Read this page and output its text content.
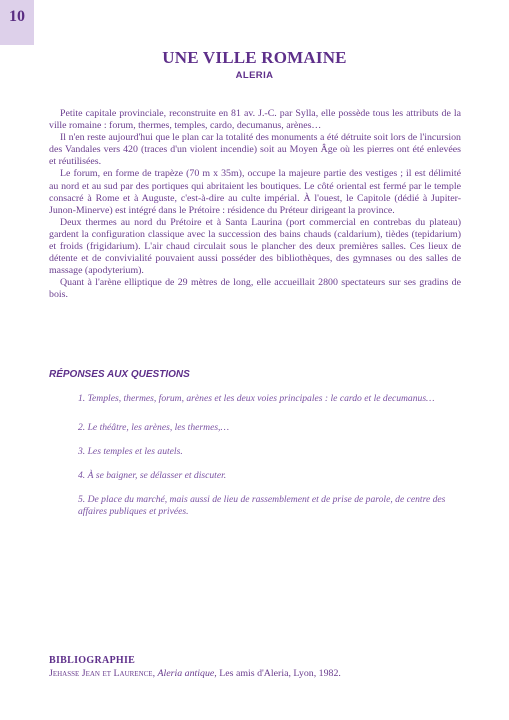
10
UNE VILLE ROMAINE
ALERIA

Petite capitale provinciale, reconstruite en 81 av. J.-C. par Sylla, elle possède tous les attributs de la ville romaine : forum, thermes, temples, cardo, decumanus, arènes…

Il n'en reste aujourd'hui que le plan car la totalité des monuments a été détruite soit lors de l'incursion des Vandales vers 420 (traces d'un violent incendie) soit au Moyen Âge où les pierres ont été enlevées et réutilisées.

Le forum, en forme de trapèze (70 m x 35m), occupe la majeure partie des vestiges ; il est délimité au nord et au sud par des portiques qui abritaient les boutiques. Le côté oriental est fermé par le temple consacré à Rome et à Auguste, c'est-à-dire au culte impérial. À l'ouest, le Capitole (dédié à Jupiter-Junon-Minerve) est intégré dans le Prétoire : résidence du Préteur dirigeant la province.

Deux thermes au nord du Prétoire et à Santa Laurina (port commercial en contrebas du plateau) gardent la configuration classique avec la succession des bains chauds (caldarium), tièdes (tepidarium) et froids (frigidarium). L'air chaud circulait sous le plancher des deux premières salles. Ces lieux de détente et de convivialité pouvaient aussi posséder des bibliothèques, des gymnases ou des salles de massage (apodyterium).

Quant à l'arène elliptique de 29 mètres de long, elle accueillait 2800 spectateurs sur ses gradins de bois.

RÉPONSES AUX QUESTIONS

1. Temples, thermes, forum, arènes et les deux voies principales : le cardo et le decumanus…

2. Le théâtre, les arènes, les thermes,…

3. Les temples et les autels.

4. À se baigner, se délasser et discuter.

5. De place du marché, mais aussi de lieu de rassemblement et de prise de parole, de centre des affaires publiques et privées.

BIBLIOGRAPHIE
Jehasse Jean et Laurence, Aleria antique, Les amis d'Aleria, Lyon, 1982.
